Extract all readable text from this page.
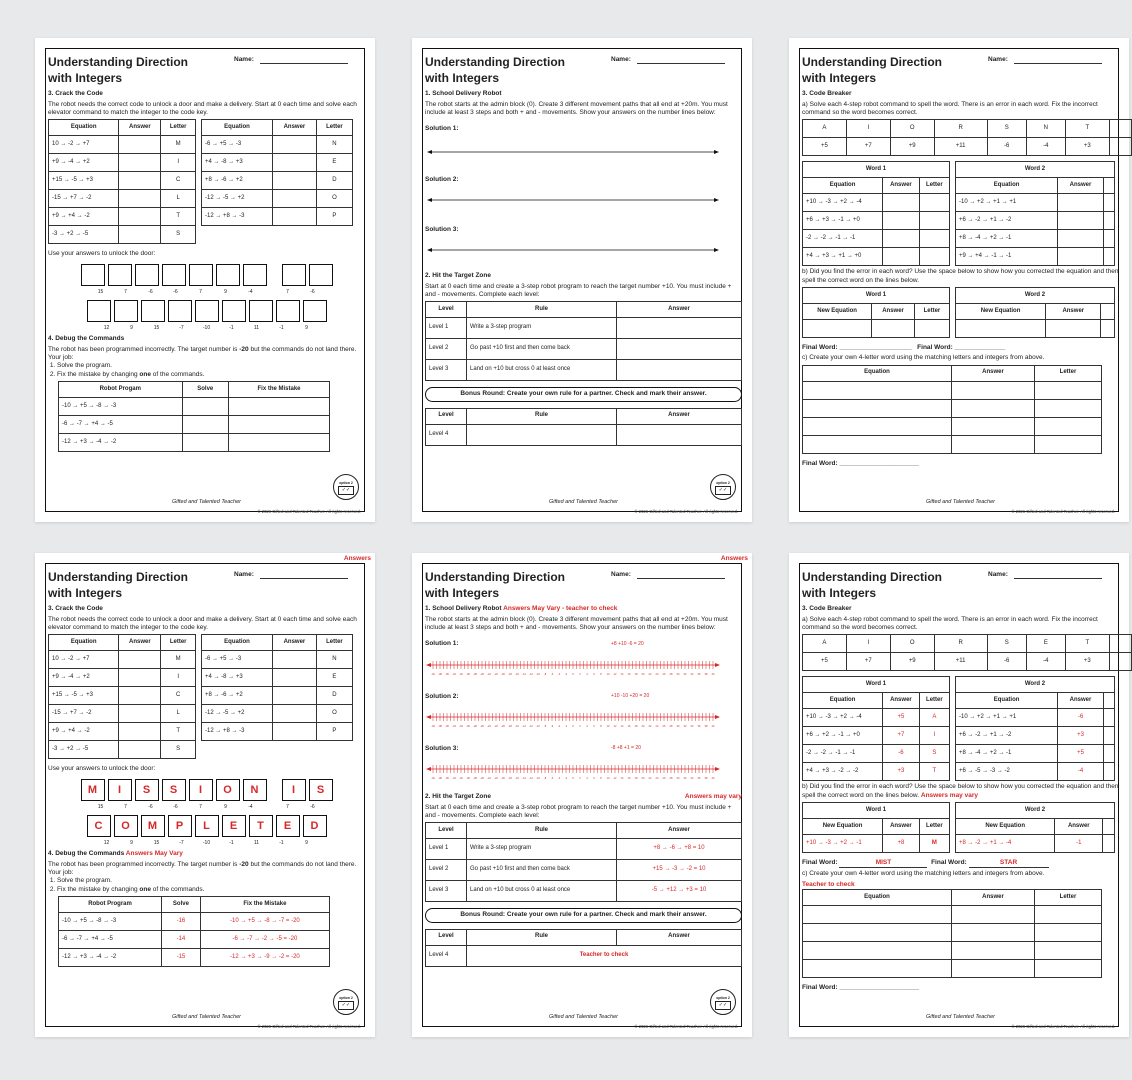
Understanding Direction
with Integers
Name:
3. Crack the Code
The robot needs the correct code to unlock a door and make a delivery. Start at 0 each time and solve each elevator command to match the integer to the code key.
Equation	Answer	Letter
10 → -2 → +7		M
+9 → -4 → +2		I
+15 → -5 → +3		C
-15 → +7 → -2		L
+9 → +4 → -2		T
-3 → +2 → -5		S
Equation	Answer	Letter
-6 → +5 → -3		N
+4 → -8 → +3		E
+8 → -6 → +2		D
-12 → -5 → +2		O
-12 → +8 → -3		P
Use your answers to unlock the door:
15	7	-6	-6	7	9	-4	7	-6
12	9	15	-7	-10	-1	11	-1	9
4. Debug the Commands
The robot has been programmed incorrectly. The target number is -20 but the commands do not land there. Your job:
1. Solve the program.
2. Fix the mistake by changing one of the commands.
Robot Progam	Solve	Fix the Mistake
-10 → +5 → -8 → -3		
-6 → -7 → +4 → -5		
-12 → +3 → -4 → -2		
Gifted and Talented Teacher
© 2026 Gifted and Talented Teacher. All rights reserved.
option 2
✓✓
Understanding Direction
with Integers
Name:
1. School Delivery Robot
The robot starts at the admin block (0). Create 3 different movement paths that all end at +20m. You must include at least 3 steps and both + and - movements. Show your answers on the number lines below:
Solution 1:
Solution 2:
Solution 3:
2. Hit the Target Zone
Start at 0 each time and create a 3-step robot program to reach the target number +10. You must include + and - movements. Complete each level:
Level	Rule	Answer
Level 1	Write a 3-step program	
Level 2	Go past +10 first and then come back	
Level 3	Land on +10 but cross 0 at least once	
Bonus Round: Create your own rule for a partner. Check and mark their answer.
Level	Rule	Answer
Level 4		
Gifted and Talented Teacher
© 2026 Gifted and Talented Teacher. All rights reserved.
option 2
✓✓
Understanding Direction
with Integers
Name:
3. Code Breaker
a) Solve each 4-step robot command to spell the word. There is an error in each word. Fix the incorrect command so the word becomes correct.
A	I	O	R	S	N	T	
+5	+7	+9	+11	-6	-4	+3	
Word 1		
Equation	Answer	Letter
+10 → -3 → +2 → -4		
+6 → +3 → -1 → +0		
-2 → -2 → -1 → -1		
+4 → +3 → +1 → +0		
Word 2		
Equation	Answer	
-10 → +2 → +1 → +1		
+6 → -2 → +1 → -2		
+8 → -4 → +2 → -1		
+9 → +4 → -1 → -1		
b) Did you find the error in each word? Use the space below to show how you corrected the equation and then spell the correct word on the lines below.
Word 1		
New Equation	Answer	Letter

Word 2		
New Equation	Answer	

Final Word: ____________________   Final Word: ______________
c) Create your own 4-letter word using the matching letters and integers from above.
Equation	Answer	Letter

Final Word: ______________________
Gifted and Talented Teacher
© 2026 Gifted and Talented Teacher. All rights reserved.
Answers
Understanding Direction
with Integers
Name:
3. Crack the Code
The robot needs the correct code to unlock a door and make a delivery. Start at 0 each time and solve each elevator command to match the integer to the code key.
Equation	Answer	Letter
10 → -2 → +7		M
+9 → -4 → +2		I
+15 → -5 → +3		C
-15 → +7 → -2		L
+9 → +4 → -2		T
-3 → +2 → -5		S
Equation	Answer	Letter
-6 → +5 → -3		N
+4 → -8 → +3		E
+8 → -6 → +2		D
-12 → -5 → +2		O
-12 → +8 → -3		P
Use your answers to unlock the door:
M	I	S	S	I	O	N	I	S
15	7	-6	-6	7	9	-4	7	-6
C	O	M	P	L	E	T	E	D
12	9	15	-7	-10	-1	11	-1	9
4. Debug the Commands Answers May Vary
The robot has been programmed incorrectly. The target number is -20 but the commands do not land there. Your job:
1. Solve the program.
2. Fix the mistake by changing one of the commands.
Robot Program	Solve	Fix the Mistake
-10 → +5 → -8 → -3	-16	-10 → +5 → -8 → -7 = -20
-6 → -7 → +4 → -5	-14	-6 → -7 → -2 → -5 = -20
-12 → +3 → -4 → -2	-15	-12 → +3 → -9 → -2 = -20
Gifted and Talented Teacher
© 2026 Gifted and Talented Teacher. All rights reserved.
option 2
✓✓
Answers
Understanding Direction
with Integers
Name:
1. School Delivery Robot Answers May Vary - teacher to check
The robot starts at the admin block (0). Create 3 different movement paths that all end at +20m. You must include at least 3 steps and both + and - movements. Show your answers on the number lines below:
Solution 1:
-40 -38 -36 -34 -32 -30 -28 -26 -24 -22 -20 -18 -16 -14 -12 -10 -8 -6 -4 -2 0 2 4 6 8 10 12 14 16 18 20 22 24 26 28 30 32 34 36 38 40
+8 +10 -6 = 20
Solution 2:
-40 -38 -36 -34 -32 -30 -28 -26 -24 -22 -20 -18 -16 -14 -12 -10 -8 -6 -4 -2 0 2 4 6 8 10 12 14 16 18 20 22 24 26 28 30 32 34 36 38 40
+10 -10 +20 = 20
Solution 3:
-40 -38 -36 -34 -32 -30 -28 -26 -24 -22 -20 -18 -16 -14 -12 -10 -8 -6 -4 -2 0 2 4 6 8 10 12 14 16 18 20 22 24 26 28 30 32 34 36 38 40
-8 +8 +1 = 20
2. Hit the Target Zone	Answers may vary
Start at 0 each time and create a 3-step robot program to reach the target number +10. You must include + and - movements. Complete each level:
Level	Rule	Answer
Level 1	Write a 3-step program	+8 → -6 → +8 = 10
Level 2	Go past +10 first and then come back	+15 → -3 → -2 = 10
Level 3	Land on +10 but cross 0 at least once	-5 → +12 → +3 = 10
Bonus Round: Create your own rule for a partner. Check and mark their answer.
Level	Rule	Answer
Level 4	Teacher to check	
Gifted and Talented Teacher
© 2026 Gifted and Talented Teacher. All rights reserved.
option 2
✓✓
Understanding Direction
with Integers
Name:
3. Code Breaker
a) Solve each 4-step robot command to spell the word. There is an error in each word. Fix the incorrect command so the word becomes correct.
A	I	O	R	S	E	T	
+5	+7	+9	+11	-6	-4	+3	
Word 1		
Equation	Answer	Letter
+10 → -3 → +2 → -4	+5	A
+6 → +2 → -1 → +0	+7	I
-2 → -2 → -1 → -1	-6	S
+4 → +3 → -2 → -2	+3	T
Word 2		
Equation	Answer	
-10 → +2 → +1 → +1	-6	
+6 → -2 → +1 → -2	+3	
+8 → -4 → +2 → -1	+5	
+6 → -5 → -3 → -2	-4	
b) Did you find the error in each word? Use the space below to show how you corrected the equation and then spell the correct word on the lines below. Answers may vary
Word 1		
New Equation	Answer	Letter
+10 → -3 → +2 → -1	+8	M
Word 2		
New Equation	Answer	
+8 → -2 → +1 → -4	-1	
Final Word:	MIST	Final Word:	STAR
c) Create your own 4-letter word using the matching letters and integers from above.
Teacher to check
Equation	Answer	Letter

Final Word: ______________________
Gifted and Talented Teacher
© 2026 Gifted and Talented Teacher. All rights reserved.
